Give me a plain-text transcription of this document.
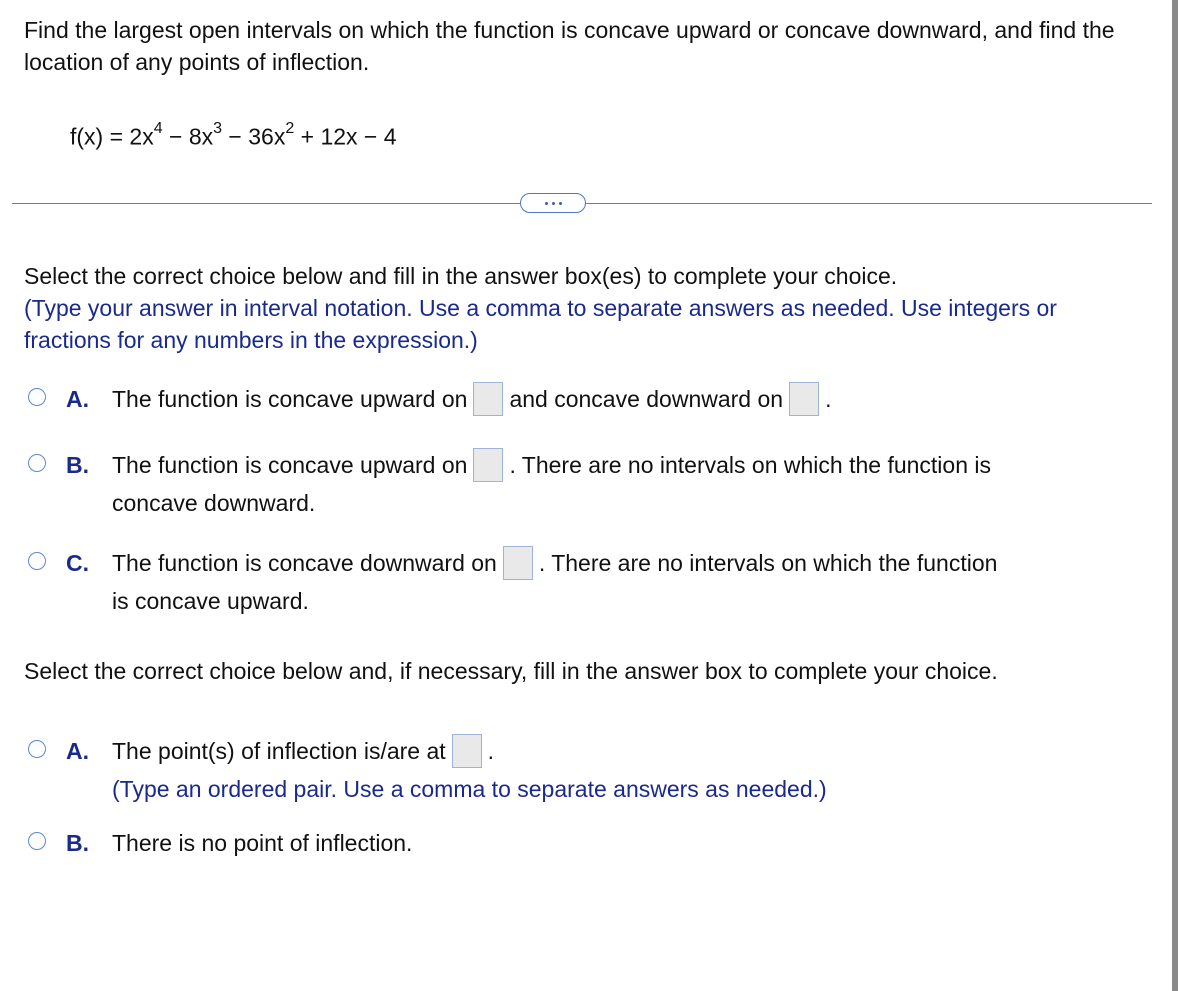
Find the largest open intervals on which the function is concave upward or concave downward, and find the location of any points of inflection.

$f(x) = 2x^4 - 8x^3 - 36x^2 + 12x - 4$
Select the correct choice below and fill in the answer box(es) to complete your choice.

(Type your answer in interval notation. Use a comma to separate answers as needed. Use integers or fractions for any numbers in the expression.)

A. The function is concave upward on and concave downward on .
B. The function is concave upward on . There are no intervals on which the function is
concave downward.
C. The function is concave downward on . There are no intervals on which the function
is concave upward.
Select the correct choice below and, if necessary, fill in the answer box to complete your choice.
A. The point(s) of inflection is/are at .
(Type an ordered pair. Use a comma to separate answers as needed.)
B. There is no point of inflection.
